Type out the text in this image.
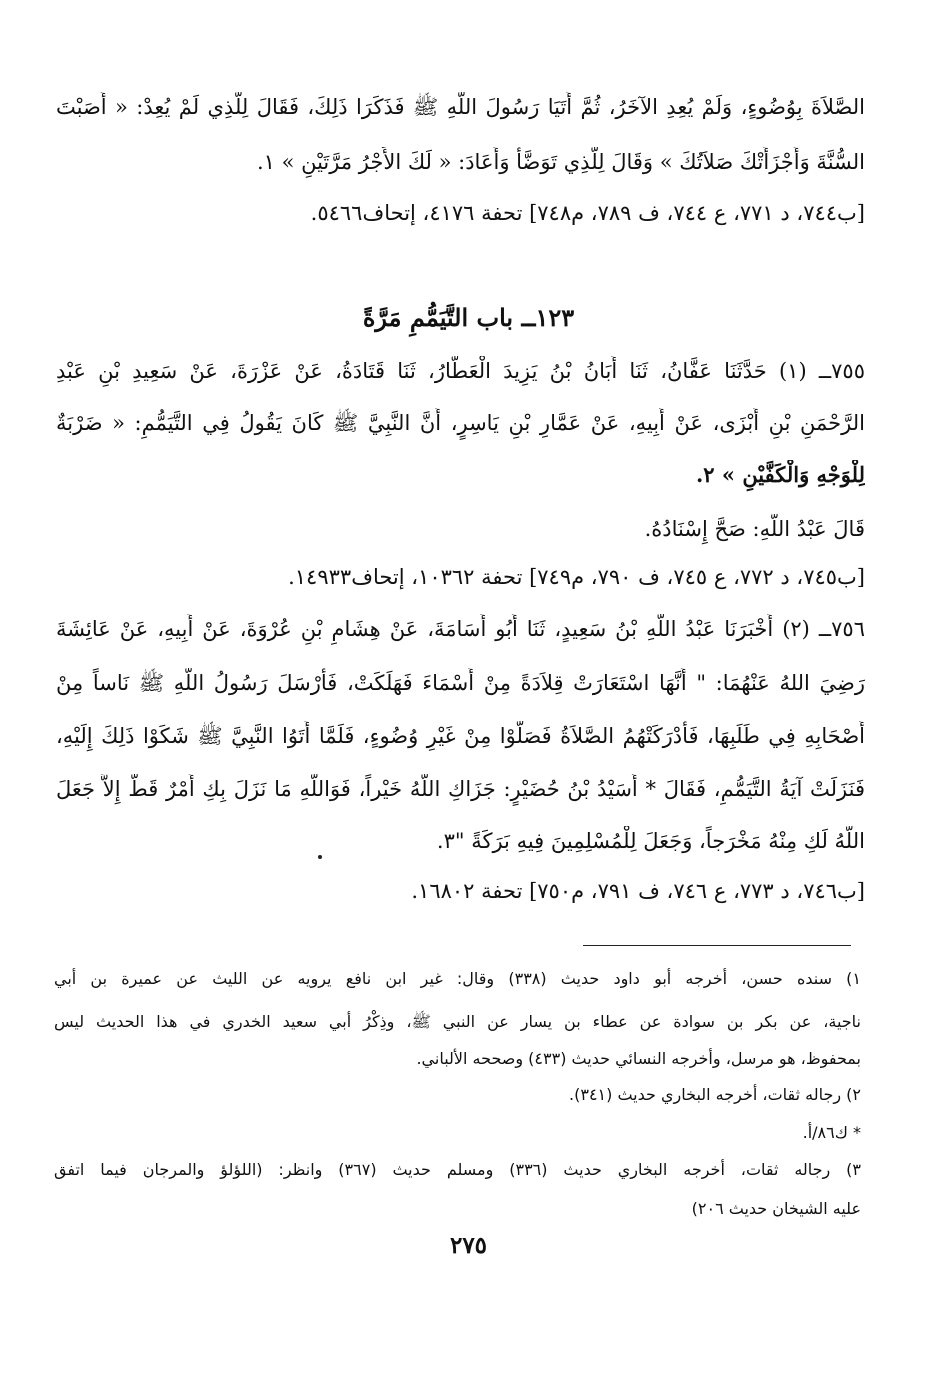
الصَّلاَةَ بِوُضُوءٍ، وَلَمْ يُعِدِ الآخَرُ، ثُمَّ أَتَيَا رَسُولَ اللَّهِ ﷺ فَذَكَرَا ذَلِكَ، فَقَالَ لِلَّذِي لَمْ يُعِدْ: « أَصَبْتَ
السُّنَّةَ وَأَجْزَأَتْكَ صَلاَتُكَ » وَقَالَ لِلَّذِي تَوَضَّأَ وَأَعَادَ: « لَكَ الأَجْرُ مَرَّتَيْنِ » ١.
[ب٧٤٤، د ٧٧١، ع ٧٤٤، ف ٧٨٩، م٧٤٨] تحفة ٤١٧٦، إتحاف٥٤٦٦.
١٢٣ــ باب التَّيَمُّمِ مَرَّةً
٧٥٥ــ (١) حَدَّثَنَا عَفَّانُ، ثَنَا أَبَانُ بْنُ يَزِيدَ الْعَطَّارُ، ثَنَا قَتَادَةُ، عَنْ عَزْرَةَ، عَنْ سَعِيدِ بْنِ عَبْدِ
الرَّحْمَنِ بْنِ أَبْزَى، عَنْ أَبِيهِ، عَنْ عَمَّارِ بْنِ يَاسِرٍ، أَنَّ النَّبِيَّ ﷺ كَانَ يَقُولُ فِي التَّيَمُّمِ: « ضَرْبَةٌ
لِلْوَجْهِ وَالْكَفَّيْنِ » ٢.
قَالَ عَبْدُ اللَّهِ: صَحَّ إِسْنَادُهُ.
[ب٧٤٥، د ٧٧٢، ع ٧٤٥، ف ٧٩٠، م٧٤٩] تحفة ١٠٣٦٢، إتحاف١٤٩٣٣.
٧٥٦ــ (٢) أَخْبَرَنَا عَبْدُ اللَّهِ بْنُ سَعِيدٍ، ثَنَا أَبُو أُسَامَةَ، عَنْ هِشَامِ بْنِ عُرْوَةَ، عَنْ أَبِيهِ، عَنْ عَائِشَةَ
رَضِيَ اللهُ عَنْهُمَا: " أَنَّهَا اسْتَعَارَتْ قِلاَدَةً مِنْ أَسْمَاءَ فَهَلَكَتْ، فَأَرْسَلَ رَسُولُ اللَّهِ ﷺ نَاساً مِنْ
أَصْحَابِهِ فِي طَلَبِهَا، فَأَدْرَكَتْهُمُ الصَّلاَةُ فَصَلَّوْا مِنْ غَيْرِ وُضُوءٍ، فَلَمَّا أَتَوُا النَّبِيَّ ﷺ شَكَوْا ذَلِكَ إِلَيْهِ،
فَنَزَلَتْ آيَةُ التَّيَمُّمِ، فَقَالَ * أُسَيْدُ بْنُ حُضَيْرٍ: جَزَاكِ اللَّهُ خَيْراً، فَوَاللَّهِ مَا نَزَلَ بِكِ أَمْرٌ قَطُّ إِلاَّ جَعَلَ
اللَّهُ لَكِ مِنْهُ مَخْرَجاً، وَجَعَلَ لِلْمُسْلِمِينَ فِيهِ بَرَكَةً "٣.
[ب٧٤٦، د ٧٧٣، ع ٧٤٦، ف ٧٩١، م٧٥٠] تحفة ١٦٨٠٢.
١) سنده حسن، أخرجه أبو داود حديث (٣٣٨) وقال: غير ابن نافع يرويه عن الليث عن عميرة بن أبي
ناجية، عن بكر بن سوادة عن عطاء بن يسار عن النبي ﷺ، وذِكْرُ أبي سعيد الخدري في هذا الحديث ليس
بمحفوظ، هو مرسل، وأخرجه النسائي حديث (٤٣٣) وصححه الألباني.
٢) رجاله ثقات، أخرجه البخاري حديث (٣٤١).
* ك٨٦/أ.
٣) رجاله ثقات، أخرجه البخاري حديث (٣٣٦) ومسلم حديث (٣٦٧) وانظر: (اللؤلؤ والمرجان فيما اتفق
عليه الشيخان حديث ٢٠٦)
٢٧٥
